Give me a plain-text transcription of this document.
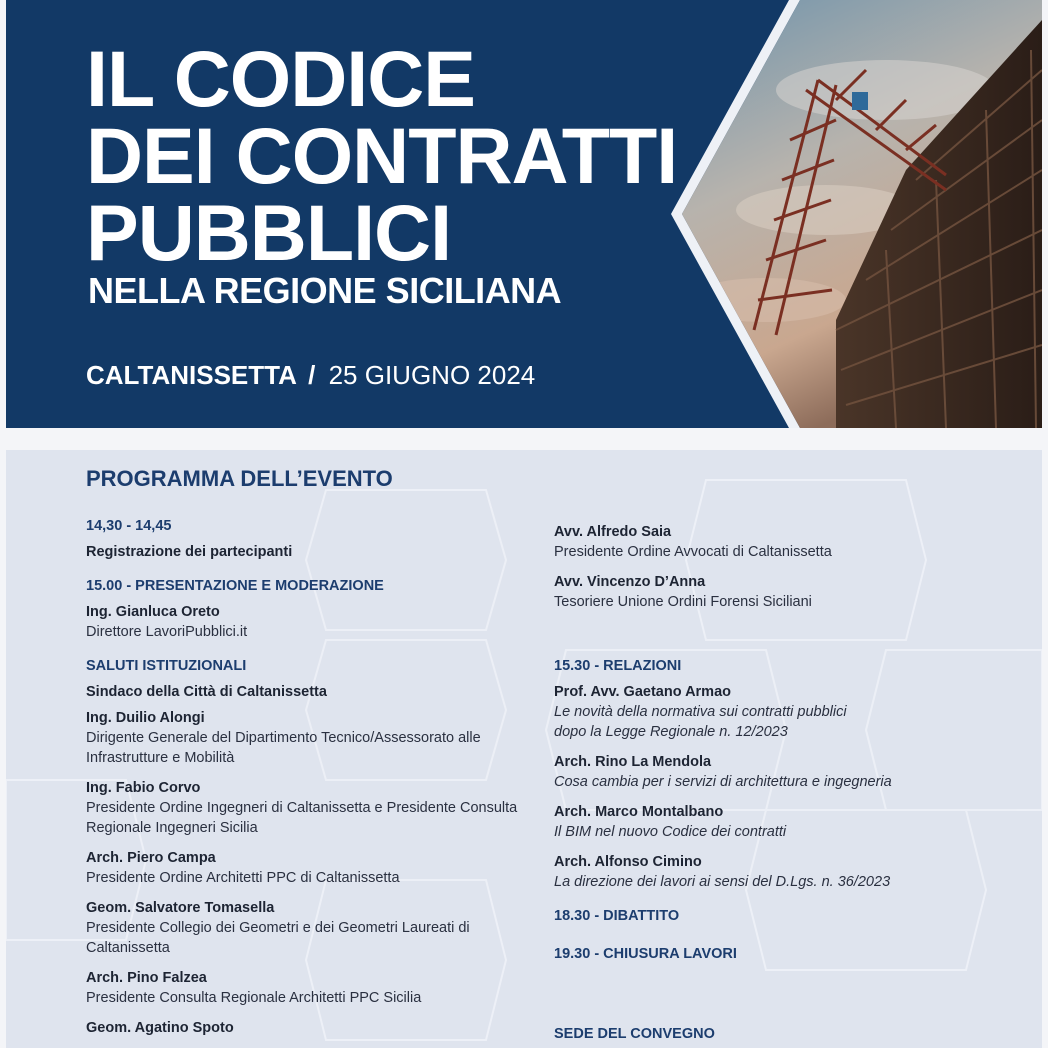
IL CODICE
DEI CONTRATTI
PUBBLICI
NELLA REGIONE SICILIANA
CALTANISSETTA / 25 GIUGNO 2024
PROGRAMMA DELL’EVENTO
14,30 - 14,45
Registrazione dei partecipanti
15.00 - PRESENTAZIONE E MODERAZIONE
Ing. Gianluca Oreto
Direttore LavoriPubblici.it
SALUTI ISTITUZIONALI
Sindaco della Città di Caltanissetta
Ing. Duilio Alongi
Dirigente Generale del Dipartimento Tecnico/Assessorato alle Infrastrutture e Mobilità
Ing. Fabio Corvo
Presidente Ordine Ingegneri di Caltanissetta e Presidente Consulta Regionale Ingegneri Sicilia
Arch. Piero Campa
Presidente Ordine Architetti PPC di Caltanissetta
Geom. Salvatore Tomasella
Presidente Collegio dei Geometri e dei Geometri Laureati di Caltanissetta
Arch. Pino Falzea
Presidente Consulta Regionale Architetti PPC Sicilia
Geom. Agatino Spoto
Avv. Alfredo Saia
Presidente Ordine Avvocati di Caltanissetta
Avv. Vincenzo D’Anna
Tesoriere Unione Ordini Forensi Siciliani
15.30 - RELAZIONI
Prof. Avv. Gaetano Armao
Le novità della normativa sui contratti pubblici
dopo la Legge Regionale n. 12/2023
Arch. Rino La Mendola
Cosa cambia per i servizi di architettura e ingegneria
Arch. Marco Montalbano
Il BIM nel nuovo Codice dei contratti
Arch. Alfonso Cimino
La direzione dei lavori ai sensi del D.Lgs. n. 36/2023
18.30 - DIBATTITO
19.30 - CHIUSURA LAVORI
SEDE DEL CONVEGNO
